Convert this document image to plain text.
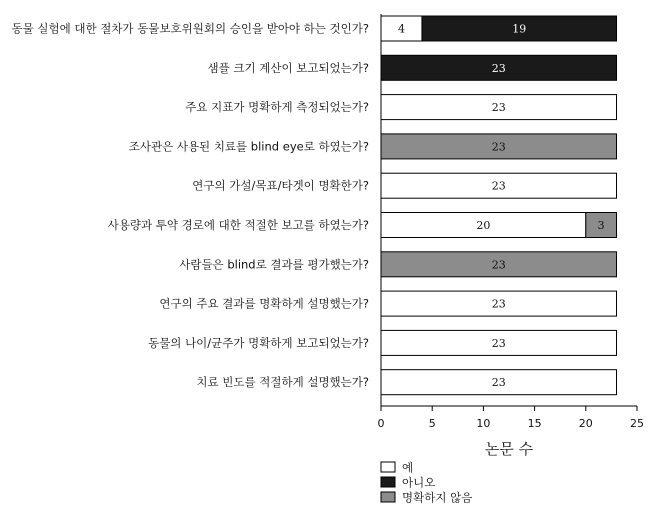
4	19
23
23
23
23
20	3
23
23
23
23
동물 실험에 대한 절차가 동물보호위원회의 승인을 받아야 하는 것인가?
샘플 크기 계산이 보고되었는가?
주요 지표가 명확하게 측정되었는가?
조사관은 사용된 치료를 blind eye로 하였는가?
연구의 가설/목표/타겟이 명확한가?
사용량과 투약 경로에 대한 적절한 보고를 하였는가?
사람들은 blind로 결과를 평가했는가?
연구의 주요 결과를 명확하게 설명했는가?
동물의 나이/균주가 명확하게 보고되었는가?
치료 빈도를 적절하게 설명했는가?
0	5	10	15	20	25
논문 수
예
아니오
명확하지 않음
